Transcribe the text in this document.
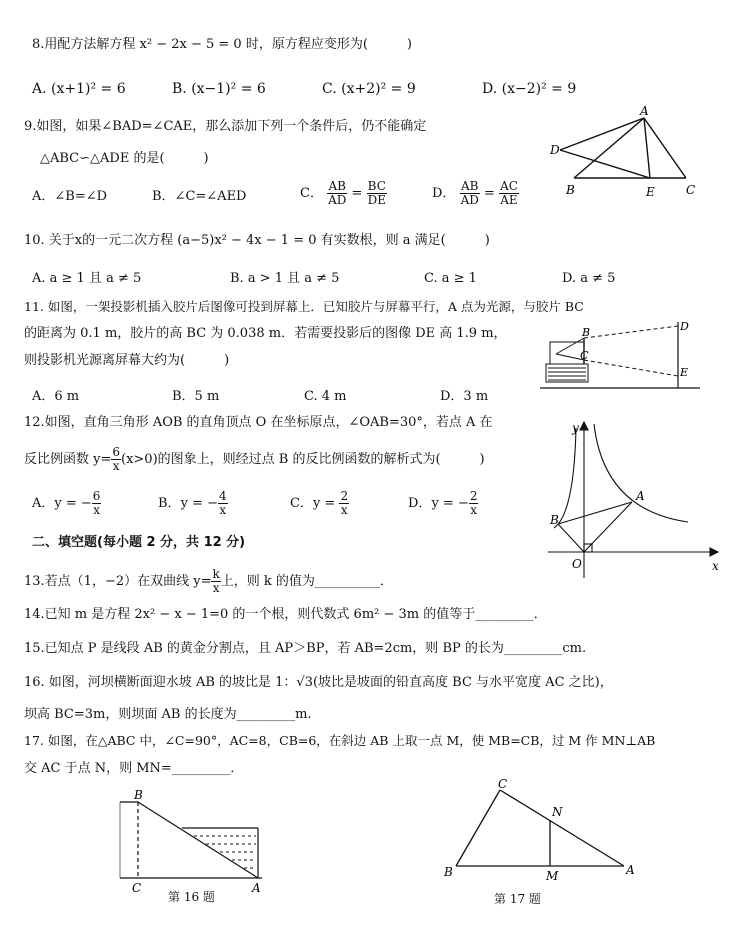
8.用配方法解方程 x² − 2x − 5 = 0 时，原方程应变形为(　　　)
A. (x+1)² = 6	B. (x−1)² = 6	C. (x+2)² = 9	D. (x−2)² = 9
9.如图，如果∠BAD=∠CAE，那么添加下列一个条件后，仍不能确定
△ABC∽△ADE 的是(　　　)
A．∠B=∠D	B．∠C=∠AED	C． $\frac{AB}{AD} = \frac{BC}{DE}$	D． $\frac{AB}{AD} = \frac{AC}{AE}$
A
D
B	E	C
10. 关于x的一元二次方程 (a−5)x² − 4x − 1 = 0 有实数根，则 a 满足(　　　)
A. a ≥ 1 且 a ≠ 5	B. a > 1 且 a ≠ 5	C. a ≥ 1	D. a ≠ 5
11. 如图，一架投影机插入胶片后图像可投到屏幕上．已知胶片与屏幕平行，A 点为光源，与胶片 BC
的距离为 0.1 m，胶片的高 BC 为 0.038 m．若需要投影后的图像 DE 高 1.9 m，
则投影机光源离屏幕大约为(　　　)
A．6 m	B．5 m	C. 4 m	D．3 m
B
C
D
E
12.如图，直角三角形 AOB 的直角顶点 O 在坐标原点，∠OAB=30°，若点 A 在
反比例函数 $y= \frac{6}{x} (x>0)$的图象上，则经过点 B 的反比例函数的解析式为(　　　)
A．y = − $\frac{6}{x}$	B．y = − $\frac{4}{x}$	C．$y = \frac{2}{x}$	D．y = − $\frac{2}{x}$
y
x
A
B
O
二、填空题(每小题 2 分，共 12 分)
13.若点（1，−2）在双曲线 $y= \frac{k}{x}$ 上，则 k 的值为__________．
14.已知 m 是方程 2x² − x − 1=0 的一个根，则代数式 6m² − 3m 的值等于_________．
15.已知点 P 是线段 AB 的黄金分割点，且 AP＞BP，若 AB=2cm，则 BP 的长为_________cm.
16. 如图，河坝横断面迎水坡 AB 的坡比是 1：√3(坡比是坡面的铅直高度 BC 与水平宽度 AC 之比)，
坝高 BC=3m，则坝面 AB 的长度为_________m.
17. 如图，在△ABC 中，∠C=90°，AC=8，CB=6，在斜边 AB 上取一点 M，使 MB=CB，过 M 作 MN⊥AB
交 AC 于点 N，则 MN=_________．
B
C	A
第 16 题
C
N
B	M	A
第 17 题
